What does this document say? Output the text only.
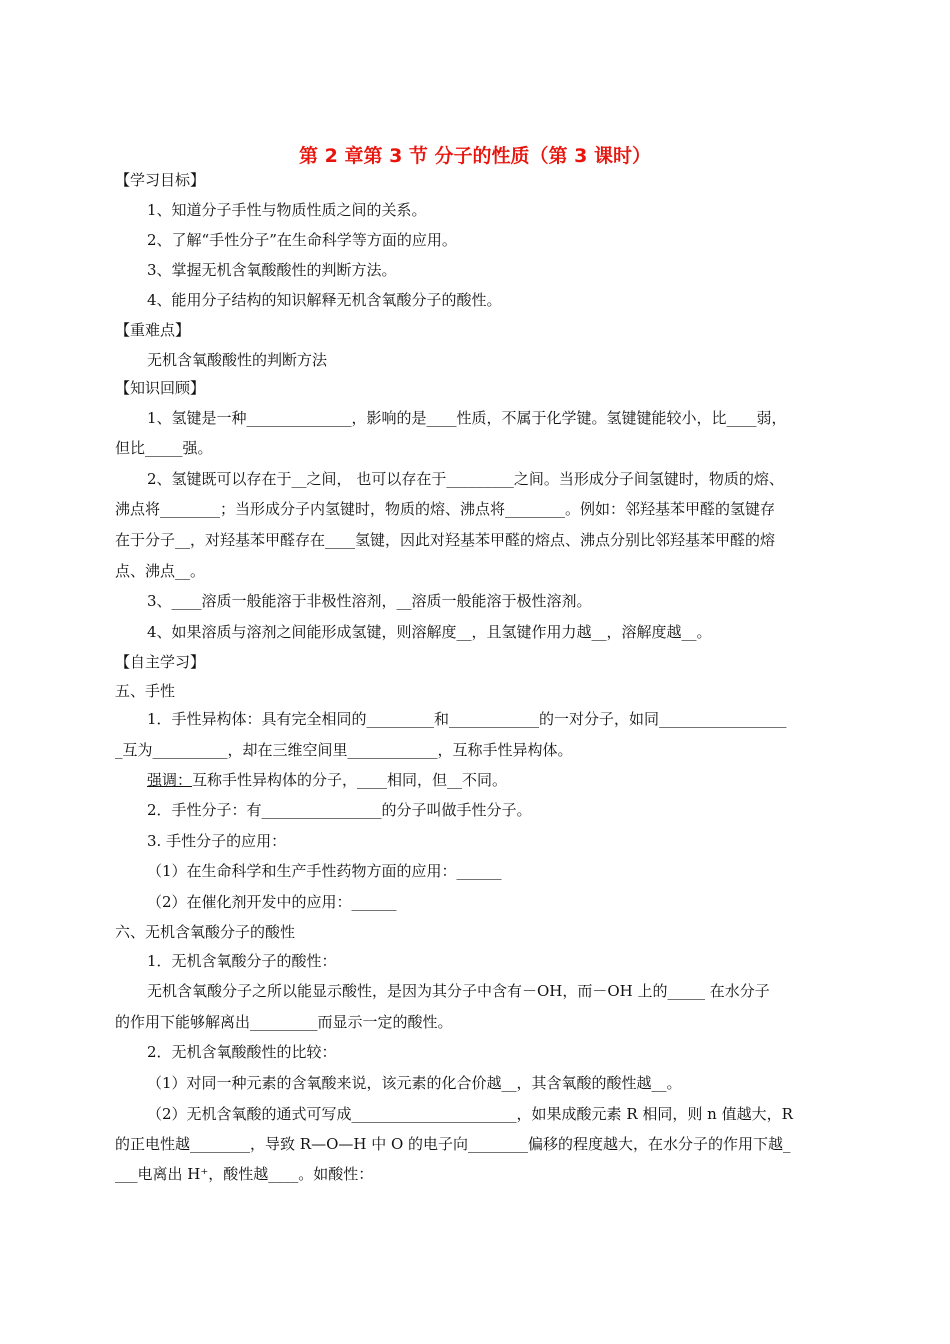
第 2 章第 3 节 分子的性质（第 3 课时）
【学习目标】
1、知道分子手性与物质性质之间的关系。
2、了解“手性分子”在生命科学等方面的应用。
3、掌握无机含氧酸酸性的判断方法。
4、能用分子结构的知识解释无机含氧酸分子的酸性。
【重难点】
无机含氧酸酸性的判断方法
【知识回顾】
1、氢键是一种______________，影响的是____性质，不属于化学键。氢键键能较小，比____弱，
但比_____强。
2、氢键既可以存在于__之间， 也可以存在于_________之间。当形成分子间氢键时，物质的熔、
沸点将________；当形成分子内氢键时，物质的熔、沸点将________。例如：邻羟基苯甲醛的氢键存
在于分子__，对羟基苯甲醛存在____氢键，因此对羟基苯甲醛的熔点、沸点分别比邻羟基苯甲醛的熔
点、沸点__。
3、____溶质一般能溶于非极性溶剂，__溶质一般能溶于极性溶剂。
4、如果溶质与溶剂之间能形成氢键，则溶解度__，且氢键作用力越__，溶解度越__。
【自主学习】
五、手性
1．手性异构体：具有完全相同的_________和____________的一对分子，如同_________________
_互为__________，却在三维空间里____________，互称手性异构体。
强调：互称手性异构体的分子，____相同，但__不同。
2．手性分子：有________________的分子叫做手性分子。
3. 手性分子的应用：
（1）在生命科学和生产手性药物方面的应用：______
（2）在催化剂开发中的应用：______
六、无机含氧酸分子的酸性
1．无机含氧酸分子的酸性：
无机含氧酸分子之所以能显示酸性，是因为其分子中含有－OH，而－OH 上的_____ 在水分子
的作用下能够解离出_________而显示一定的酸性。
2．无机含氧酸酸性的比较：
（1）对同一种元素的含氧酸来说，该元素的化合价越__，其含氧酸的酸性越__。
（2）无机含氧酸的通式可写成______________________，如果成酸元素 R 相同，则 n 值越大，R
的正电性越________，导致 R—O—H 中 O 的电子向________偏移的程度越大，在水分子的作用下越_
___电离出 H⁺，酸性越____。如酸性：
